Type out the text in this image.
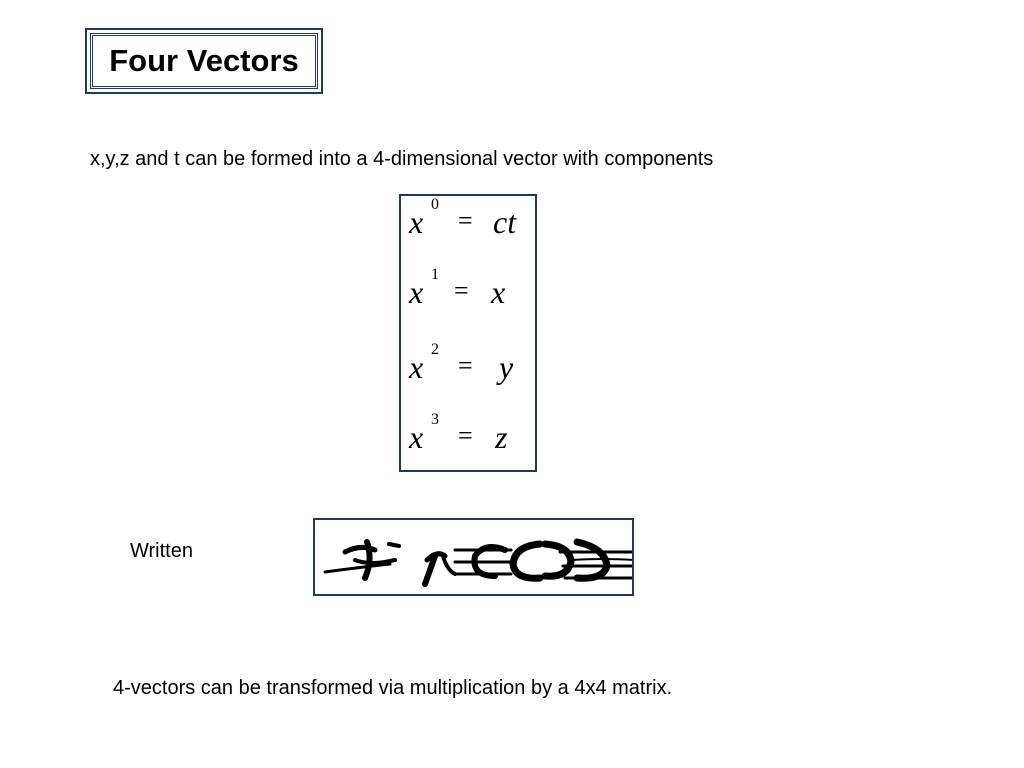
Four Vectors
x,y,z and t can be formed into a 4-dimensional vector with components
x 0
= ct
x 1
= x
x 2
= y
x 3
= z
Written
4-vectors can be transformed via multiplication by a 4x4 matrix.
